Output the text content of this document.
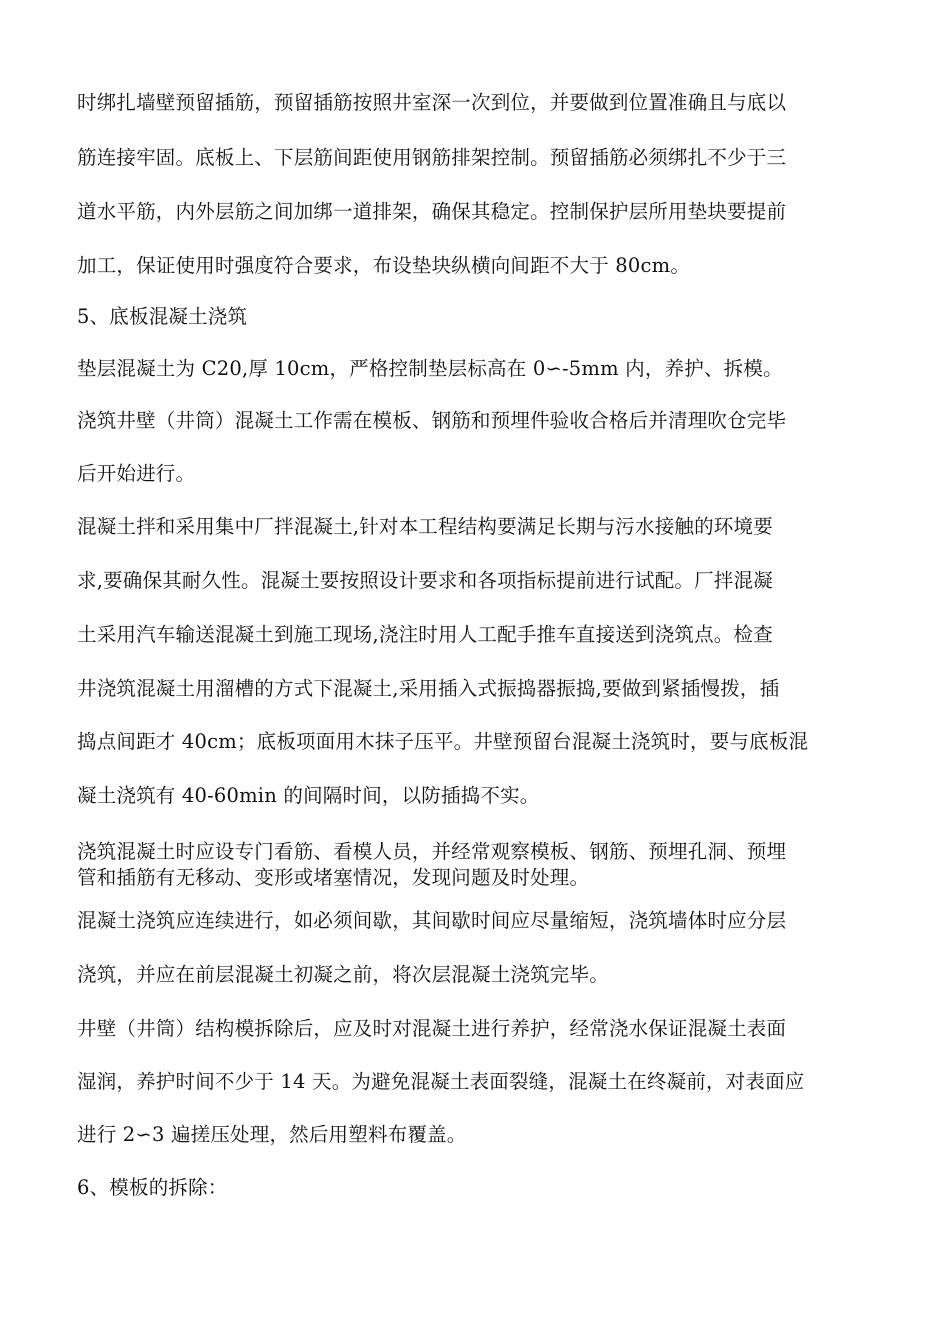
时绑扎墙壁预留插筋，预留插筋按照井室深一次到位，并要做到位置准确且与底以
筋连接牢固。底板上、下层筋间距使用钢筋排架控制。预留插筋必须绑扎不少于三
道水平筋，内外层筋之间加绑一道排架，确保其稳定。控制保护层所用垫块要提前
加工，保证使用时强度符合要求，布设垫块纵横向间距不大于 80cm。
5、底板混凝土浇筑
垫层混凝土为 C20,厚 10cm，严格控制垫层标高在 0∽-5mm 内，养护、拆模。
浇筑井壁（井筒）混凝土工作需在模板、钢筋和预埋件验收合格后并清理吹仓完毕
后开始进行。
混凝土拌和采用集中厂拌混凝土,针对本工程结构要满足长期与污水接触的环境要
求,要确保其耐久性。混凝土要按照设计要求和各项指标提前进行试配。厂拌混凝
土采用汽车输送混凝土到施工现场,浇注时用人工配手推车直接送到浇筑点。检查
井浇筑混凝土用溜槽的方式下混凝土,采用插入式振捣器振捣,要做到紧插慢拨，插
捣点间距才 40cm；底板项面用木抹子压平。井壁预留台混凝土浇筑时，要与底板混
凝土浇筑有 40-60min 的间隔时间，以防插捣不实。
浇筑混凝土时应设专门看筋、看模人员，并经常观察模板、钢筋、预埋孔洞、预埋
管和插筋有无移动、变形或堵塞情况，发现问题及时处理。
混凝土浇筑应连续进行，如必须间歇，其间歇时间应尽量缩短，浇筑墙体时应分层
浇筑，并应在前层混凝土初凝之前，将次层混凝土浇筑完毕。
井壁（井筒）结构模拆除后，应及时对混凝土进行养护，经常浇水保证混凝土表面
湿润，养护时间不少于 14 天。为避免混凝土表面裂缝，混凝土在终凝前，对表面应
进行 2∽3 遍搓压处理，然后用塑料布覆盖。
6、模板的拆除：
